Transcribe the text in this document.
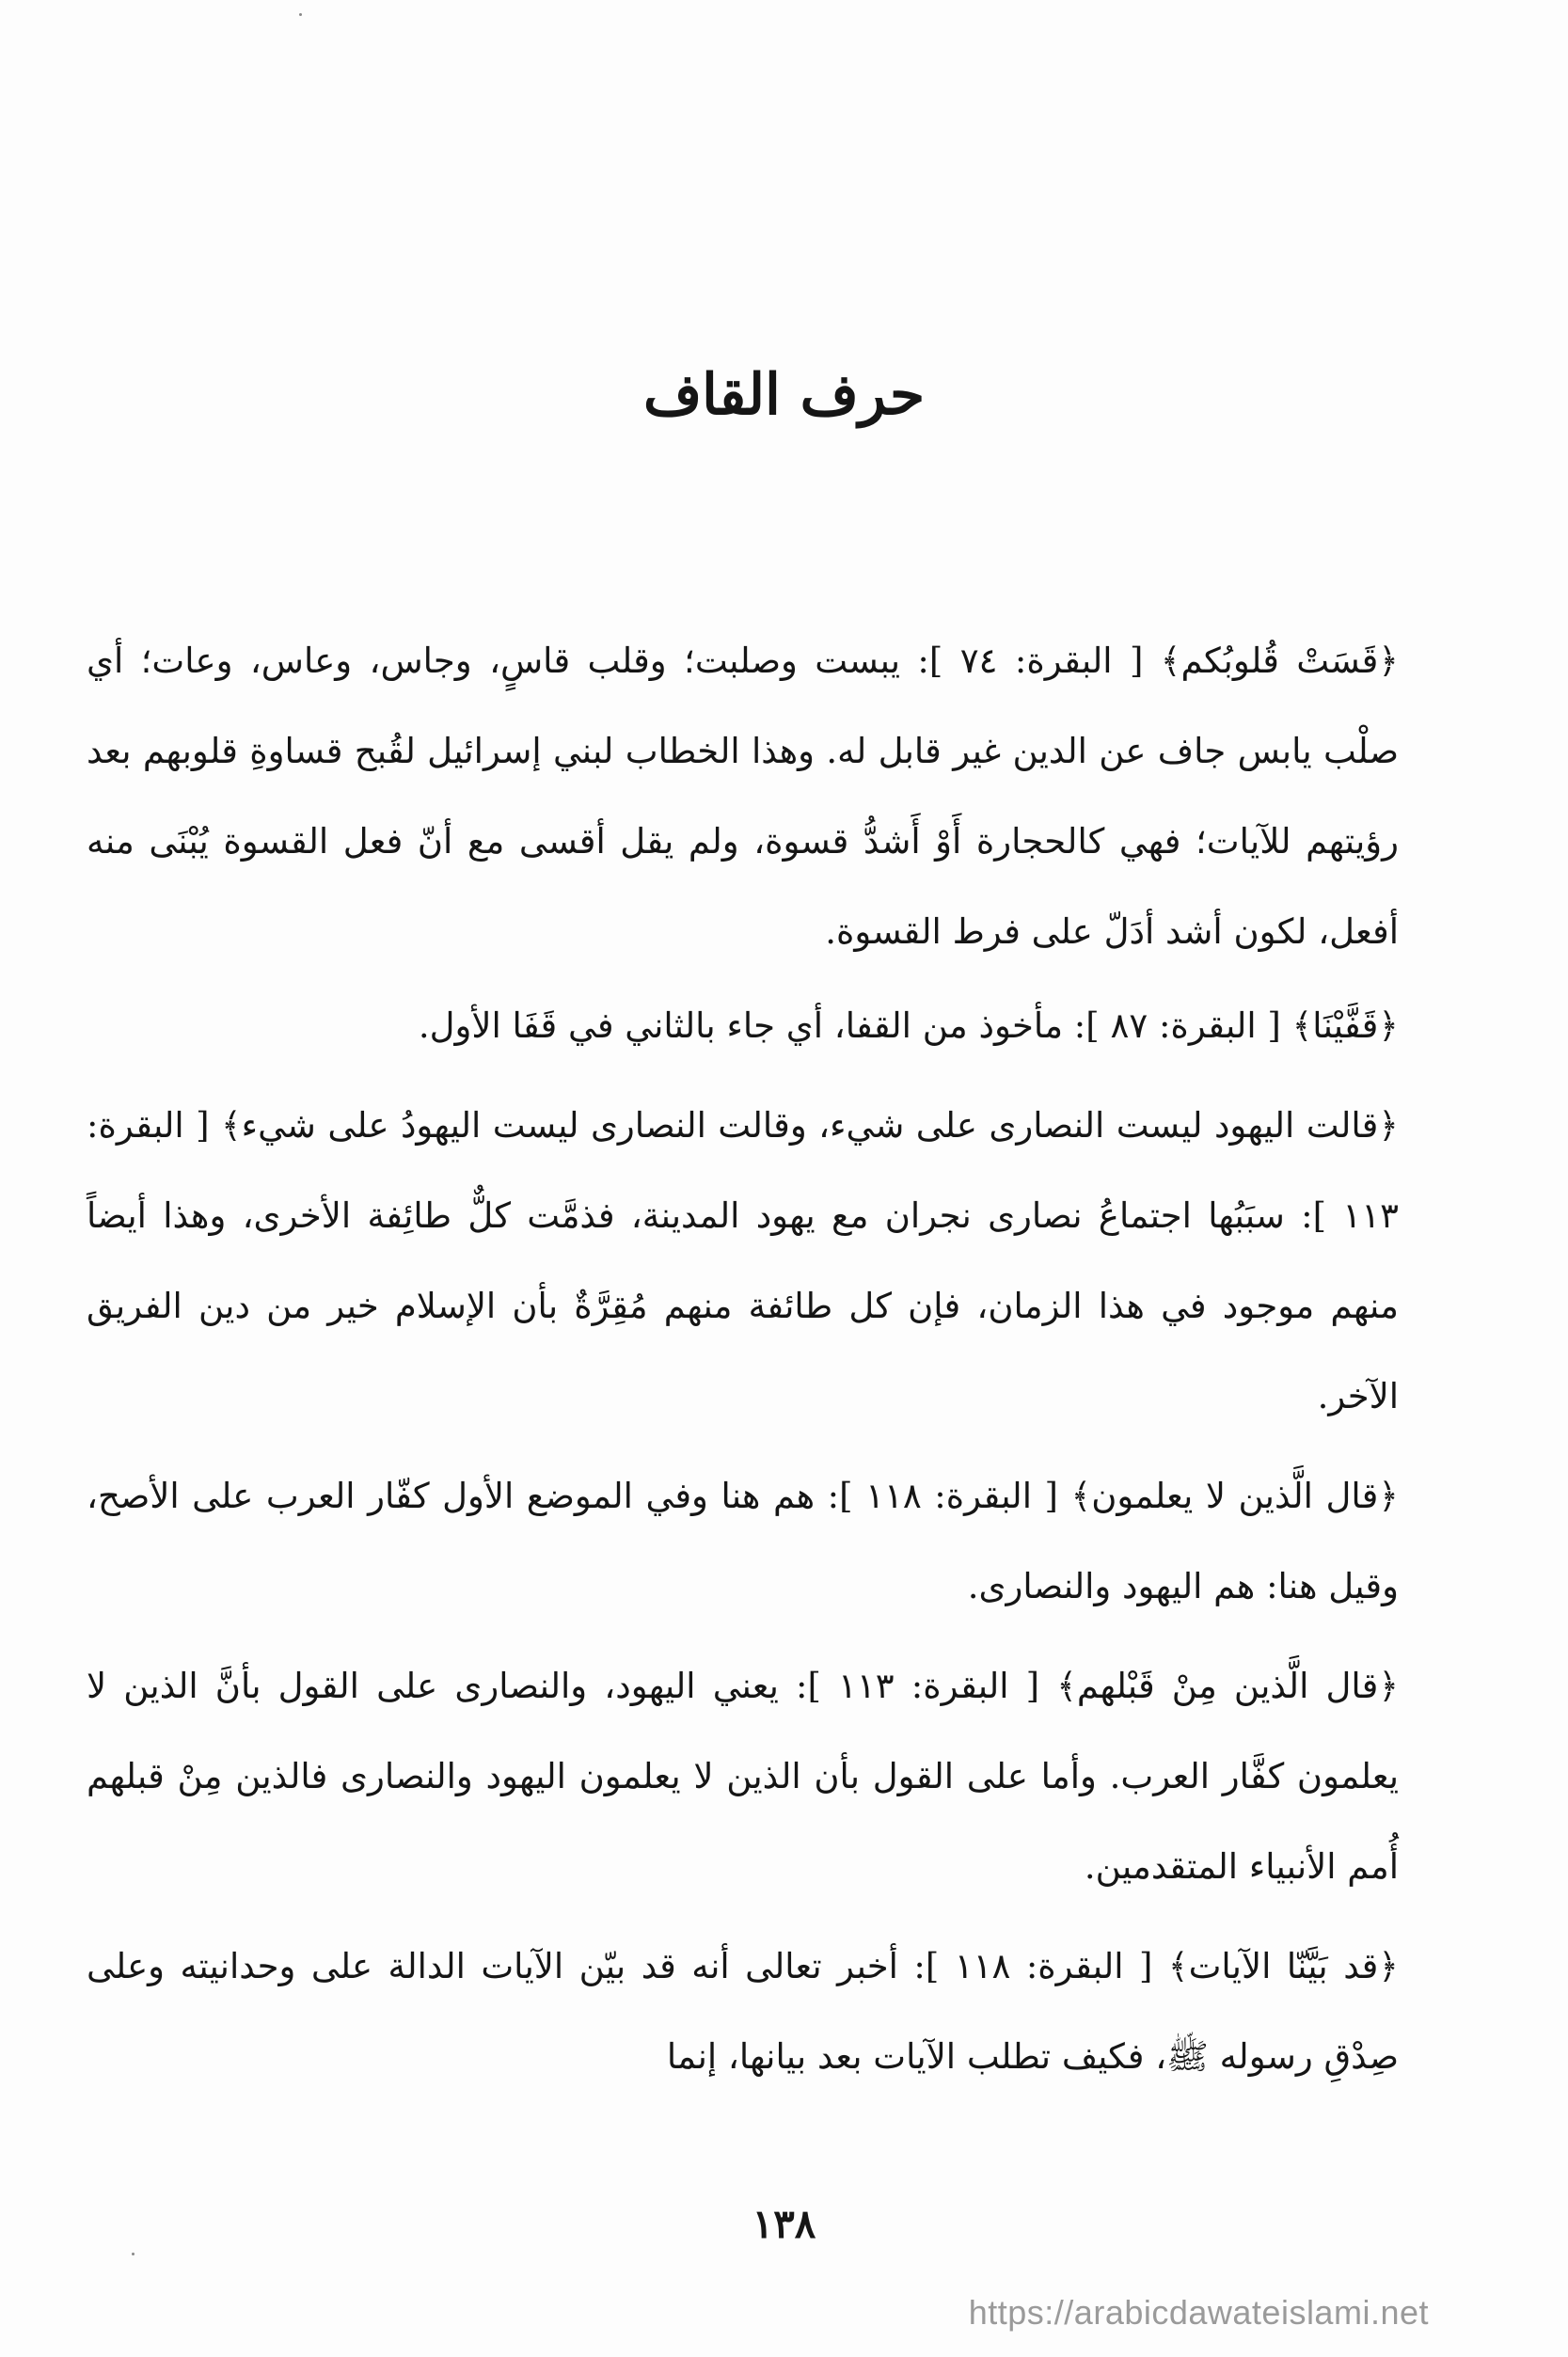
حرف القاف

﴿قَسَتْ قُلوبُكم﴾ [ البقرة: ٧٤ ]: يبست وصلبت؛ وقلب قاسٍ، وجاس، وعاس، وعات؛ أي صلْب يابس جاف عن الدين غير قابل له. وهذا الخطاب لبني إسرائيل لقُبح قساوةِ قلوبهم بعد رؤيتهم للآيات؛ فهي كالحجارة أَوْ أَشدُّ قسوة، ولم يقل أقسى مع أنّ فعل القسوة يُبْنَى منه أفعل، لكون أشد أدَلّ على فرط القسوة.

﴿قَفَّيْنَا﴾ [ البقرة: ٨٧ ]: مأخوذ من القفا، أي جاء بالثاني في قَفَا الأول.

﴿قالت اليهود ليست النصارى على شيء، وقالت النصارى ليست اليهودُ على شيء﴾ [ البقرة: ١١٣ ]: سبَبُها اجتماعُ نصارى نجران مع يهود المدينة، فذمَّت كلٌّ طائِفة الأخرى، وهذا أيضاً منهم موجود في هذا الزمان، فإن كل طائفة منهم مُقِرَّةٌ بأن الإسلام خير من دين الفريق الآخر.

﴿قال الَّذين لا يعلمون﴾ [ البقرة: ١١٨ ]: هم هنا وفي الموضع الأول كفّار العرب على الأصح، وقيل هنا: هم اليهود والنصارى.

﴿قال الَّذين مِنْ قَبْلهم﴾ [ البقرة: ١١٣ ]: يعني اليهود، والنصارى على القول بأنَّ الذين لا يعلمون كفَّار العرب. وأما على القول بأن الذين لا يعلمون اليهود والنصارى فالذين مِنْ قبلهم أُمم الأنبياء المتقدمين.

﴿قد بَيَّنّا الآيات﴾ [ البقرة: ١١٨ ]: أخبر تعالى أنه قد بيّن الآيات الدالة على وحدانيته وعلى صِدْقِ رسوله ﷺ، فكيف تطلب الآيات بعد بيانها، إنما

١٣٨
https://arabicdawateislami.net
